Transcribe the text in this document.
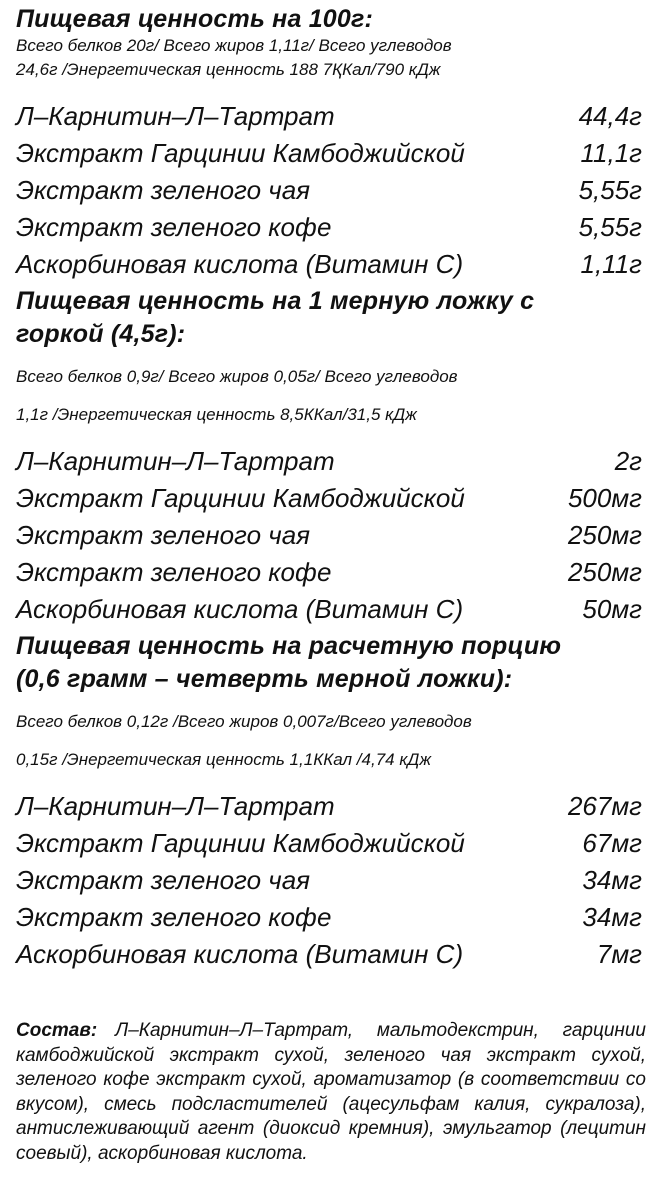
Пищевая ценность на 100г:

Всего белков 20г/ Всего жиров 1,11г/ Всего углеводов

24,6г /Энергетическая ценность 188 7ҚКал/790 кДж

Л–Карнитин–Л–Тартрат	44,4г
Экстракт Гарцинии Камбоджийской	11,1г
Экстракт зеленого чая	5,55г
Экстракт зеленого кофе	5,55г
Аскорбиновая кислота (Витамин С)	1,11г

Пищевая ценность на 1 мерную ложку с

горкой (4,5г):

Всего белков 0,9г/ Всего жиров 0,05г/ Всего углеводов

1,1г /Энергетическая ценность 8,5ККал/31,5 кДж

Л–Карнитин–Л–Тартрат	2г
Экстракт Гарцинии Камбоджийской	500мг
Экстракт зеленого чая	250мг
Экстракт зеленого кофе	250мг
Аскорбиновая кислота (Витамин С)	50мг

Пищевая ценность на расчетную порцию

(0,6 грамм – четверть мерной ложки):

Всего белков 0,12г /Всего жиров 0,007г/Всего углеводов

0,15г /Энергетическая ценность 1,1ККал /4,74 кДж

Л–Карнитин–Л–Тартрат	267мг
Экстракт Гарцинии Камбоджийской	67мг
Экстракт зеленого чая	34мг
Экстракт зеленого кофе	34мг
Аскорбиновая кислота (Витамин С)	7мг

Состав: Л–Карнитин–Л–Тартрат, мальтодекстрин, гарцинии камбоджийской экстракт сухой, зеленого чая экстракт сухой, зеленого кофе экстракт сухой, ароматизатор (в соответствии со вкусом), смесь подсластителей (ацесульфам калия, сукралоза), антислеживающий агент (диоксид кремния), эмульгатор (лецитин соевый), аскорбиновая кислота.
